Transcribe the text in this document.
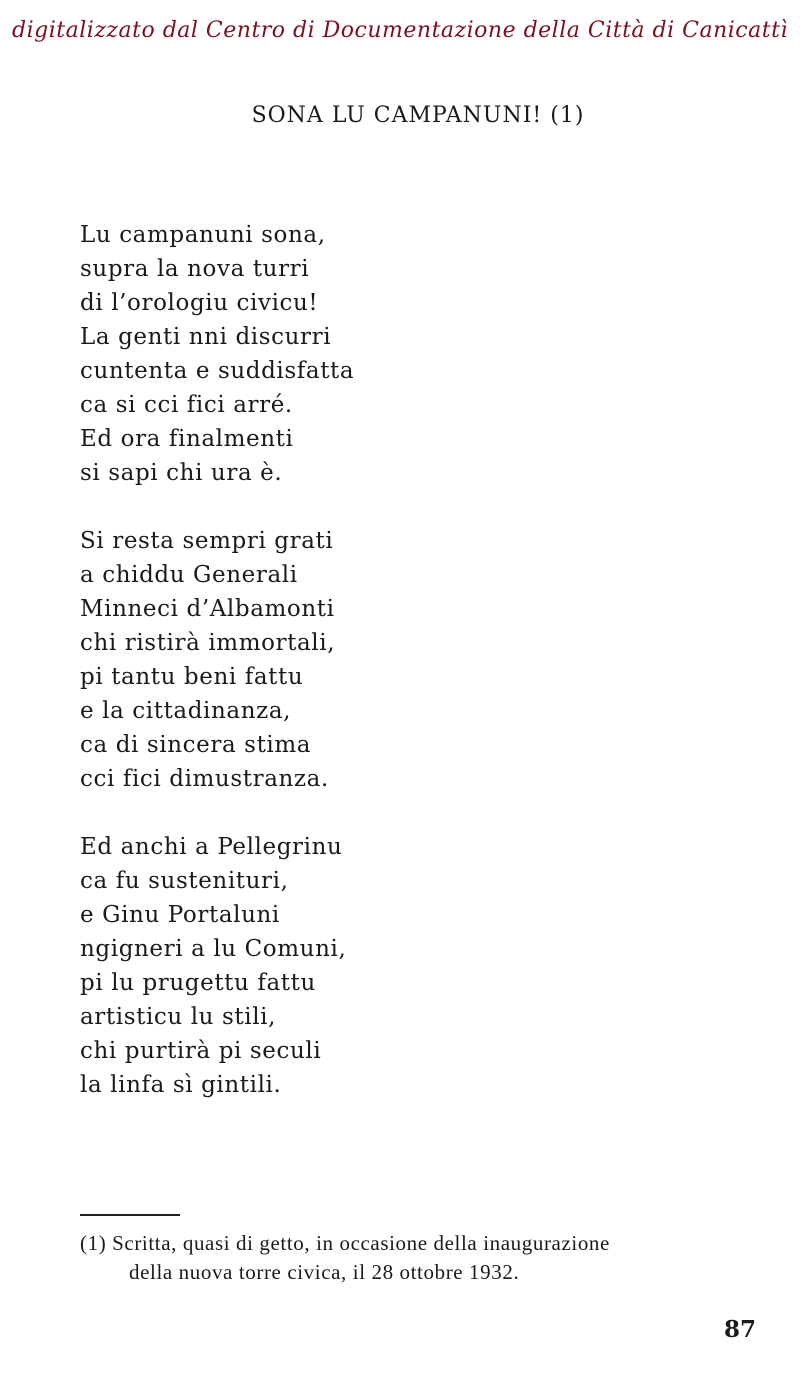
digitalizzato dal Centro di Documentazione della Città di Canicattì
SONA LU CAMPANUNI! (1)
Lu campanuni sona,
supra la nova turri
di l’orologiu civicu!
La genti nni discurri
cuntenta e suddisfatta
ca si cci fici arré.
Ed ora finalmenti
si sapi chi ura è.
Si resta sempri grati
a chiddu Generali
Minneci d’Albamonti
chi ristirà immortali,
pi tantu beni fattu
e la cittadinanza,
ca di sincera stima
cci fici dimustranza.
Ed anchi a Pellegrinu
ca fu sustenituri,
e Ginu Portaluni
ngigneri a lu Comuni,
pi lu prugettu fattu
artisticu lu stili,
chi purtirà pi seculi
la linfa sì gintili.
(1) Scritta, quasi di getto, in occasione della inaugurazione
della nuova torre civica, il 28 ottobre 1932.
87
